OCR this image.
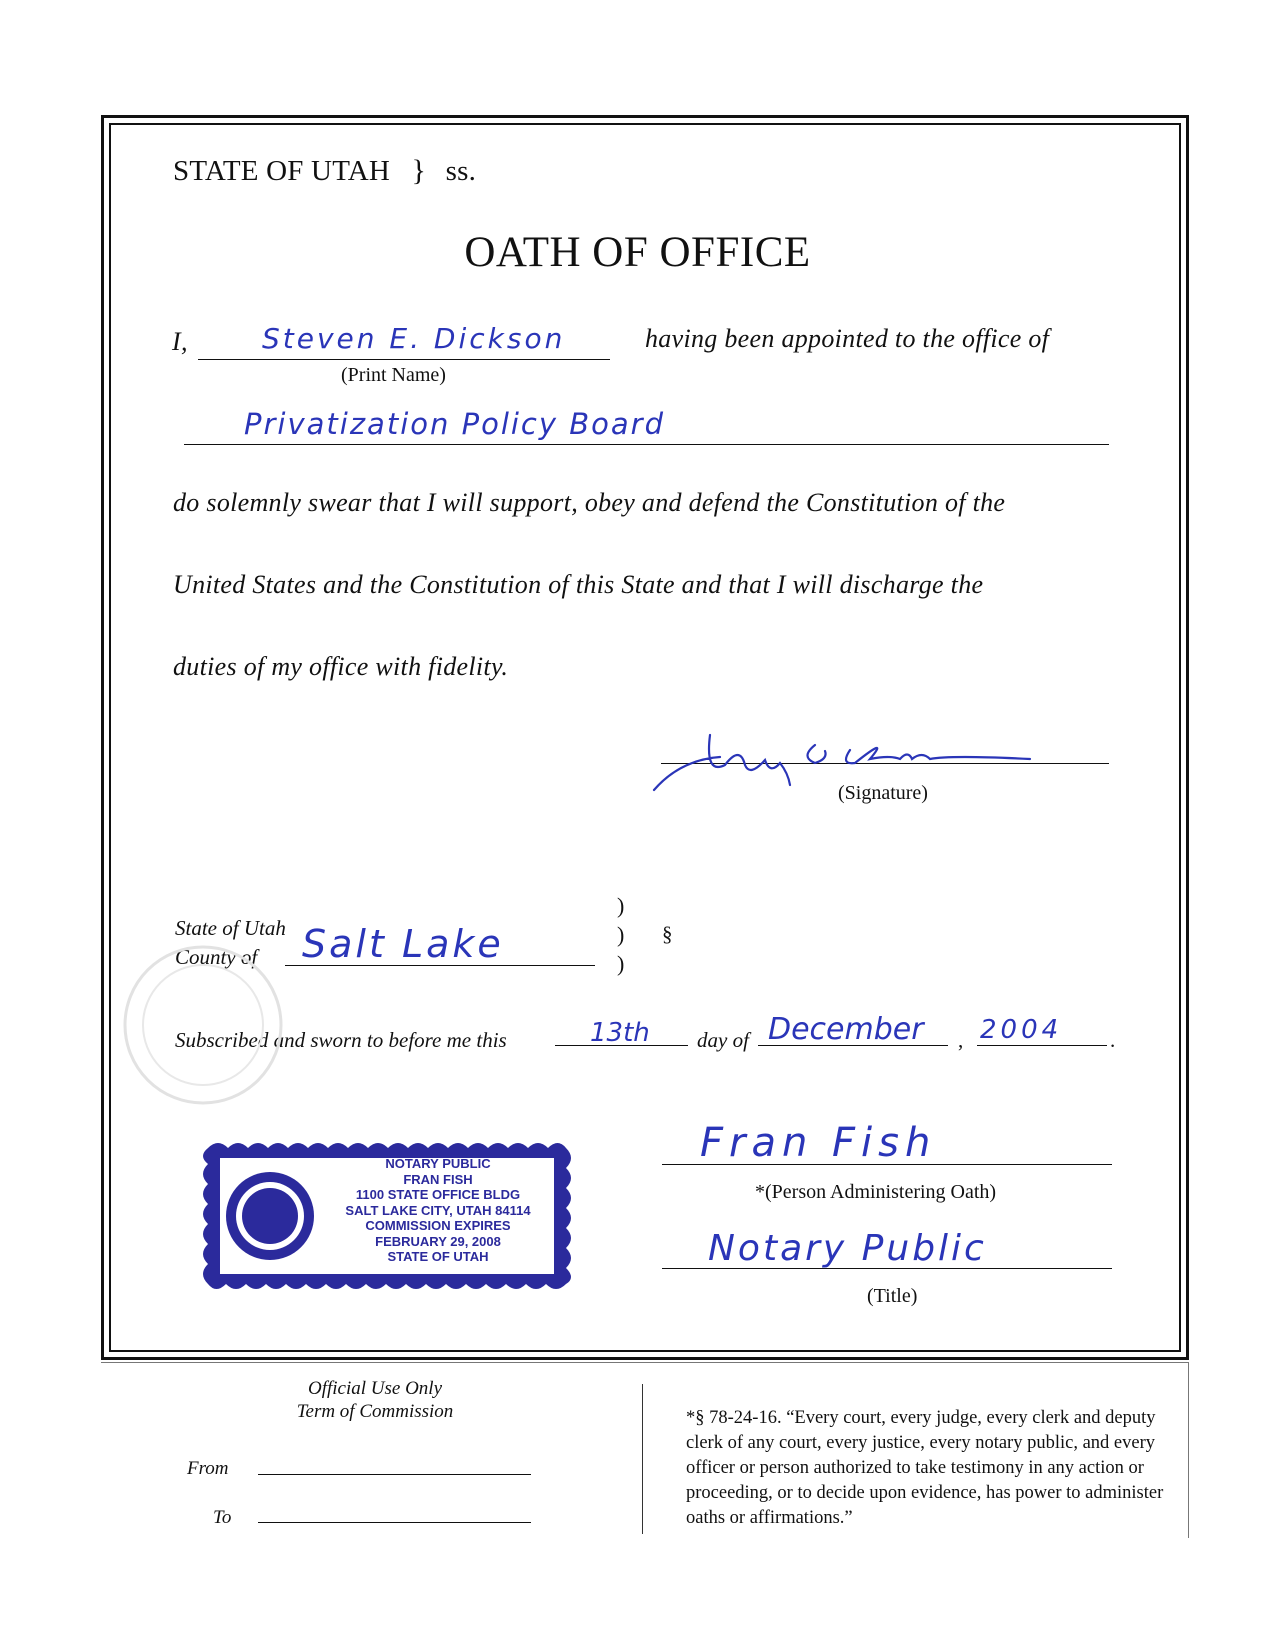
STATE OF UTAH } ss.
OATH OF OFFICE
I,	Steven E. Dickson
(Print Name)
having been appointed to the office of
Privatization Policy Board
do solemnly swear that I will support, obey and defend the Constitution of the
United States and the Constitution of this State and that I will discharge the
duties of my office with fidelity.
(Signature)
State of Utah
County of Salt Lake
)
)
)
§
Subscribed and sworn to before me this	13th day of December , 2004 .
Fran Fish
*(Person Administering Oath)
Notary Public
(Title)
NOTARY PUBLIC
FRAN FISH
1100 STATE OFFICE BLDG
SALT LAKE CITY, UTAH 84114
COMMISSION EXPIRES
FEBRUARY 29, 2008
STATE OF UTAH
Official Use Only
Term of Commission
From
To
*§ 78-24-16. “Every court, every judge, every clerk and deputy clerk of any court, every justice, every notary public, and every officer or person authorized to take testimony in any action or proceeding, or to decide upon evidence, has power to administer oaths or affirmations.”
